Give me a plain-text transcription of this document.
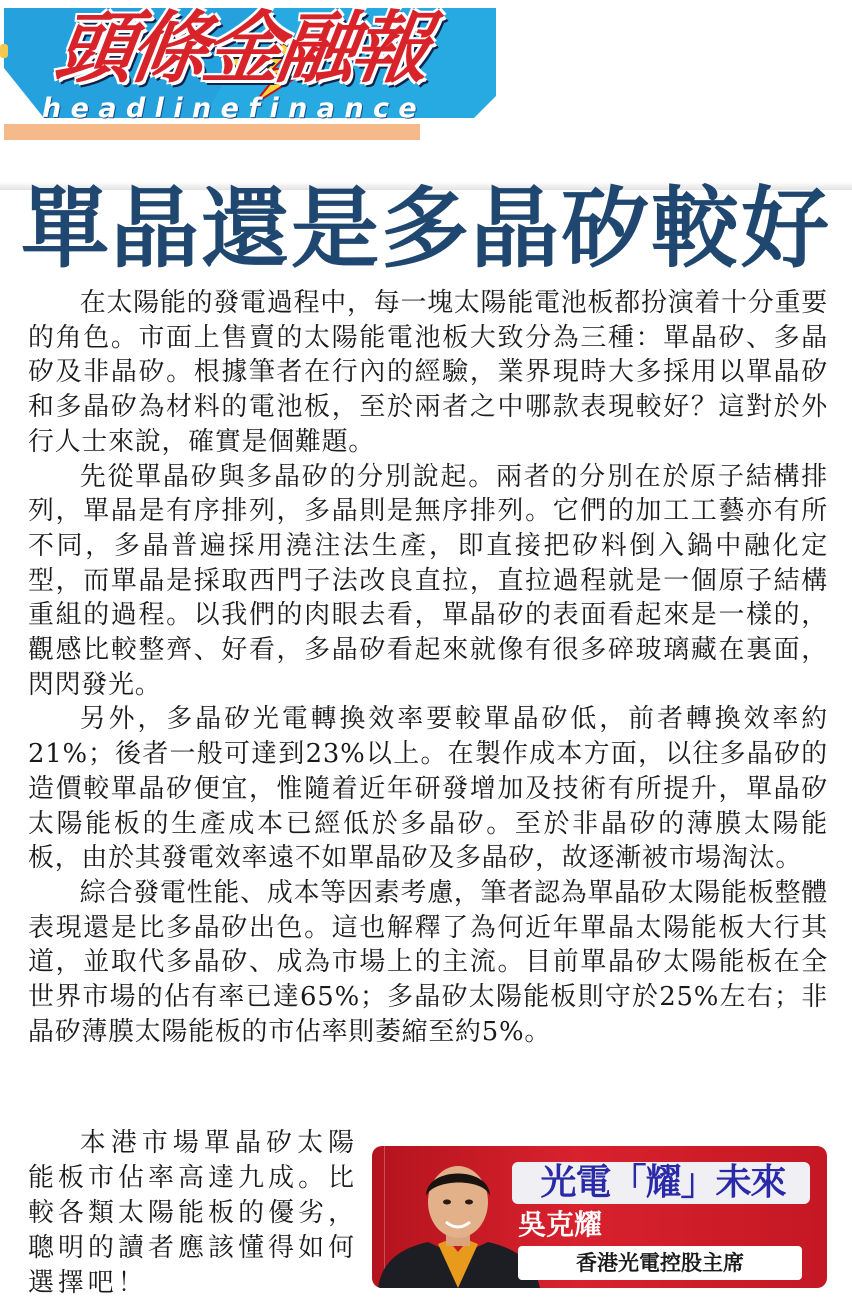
頭條金融報
headlinefinance
單晶還是多晶矽較好

在太陽能的發電過程中，每一塊太陽能電池板都扮演着十分重要的角色。市面上售賣的太陽能電池板大致分為三種：單晶矽、多晶矽及非晶矽。根據筆者在行內的經驗，業界現時大多採用以單晶矽和多晶矽為材料的電池板，至於兩者之中哪款表現較好？這對於外行人士來說，確實是個難題。

先從單晶矽與多晶矽的分別說起。兩者的分別在於原子結構排列，單晶是有序排列，多晶則是無序排列。它們的加工工藝亦有所不同，多晶普遍採用澆注法生產，即直接把矽料倒入鍋中融化定型，而單晶是採取西門子法改良直拉，直拉過程就是一個原子結構重組的過程。以我們的肉眼去看，單晶矽的表面看起來是一樣的，觀感比較整齊、好看，多晶矽看起來就像有很多碎玻璃藏在裏面，閃閃發光。

另外，多晶矽光電轉換效率要較單晶矽低，前者轉換效率約21%；後者一般可達到23%以上。在製作成本方面，以往多晶矽的造價較單晶矽便宜，惟隨着近年研發增加及技術有所提升，單晶矽太陽能板的生產成本已經低於多晶矽。至於非晶矽的薄膜太陽能板，由於其發電效率遠不如單晶矽及多晶矽，故逐漸被市場淘汰。

綜合發電性能、成本等因素考慮，筆者認為單晶矽太陽能板整體表現還是比多晶矽出色。這也解釋了為何近年單晶太陽能板大行其道，並取代多晶矽、成為市場上的主流。目前單晶矽太陽能板在全世界市場的佔有率已達65%；多晶矽太陽能板則守於25%左右；非晶矽薄膜太陽能板的市佔率則萎縮至約5%。

本港市場單晶矽太陽能板市佔率高達九成。比較各類太陽能板的優劣，聰明的讀者應該懂得如何選擇吧！

光電「耀」未來
吳克耀
香港光電控股主席
